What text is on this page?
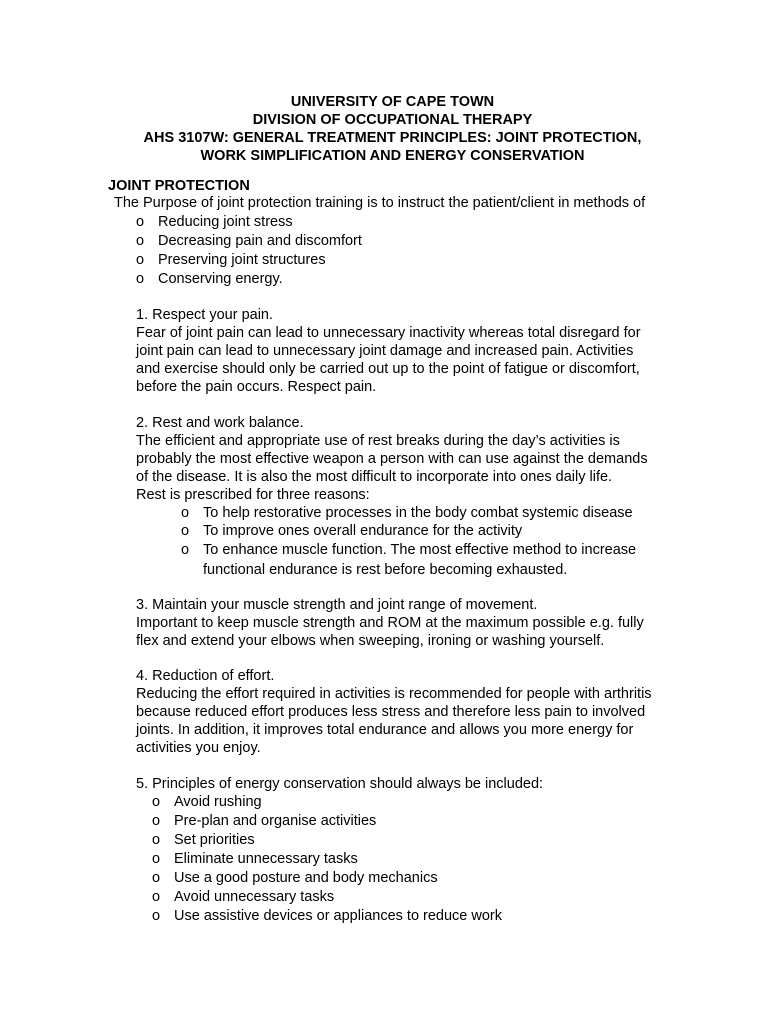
UNIVERSITY OF CAPE TOWN
DIVISION OF OCCUPATIONAL THERAPY
AHS 3107W: GENERAL TREATMENT PRINCIPLES: JOINT PROTECTION,
WORK SIMPLIFICATION AND ENERGY CONSERVATION
JOINT PROTECTION
The Purpose of joint protection training is to instruct the patient/client in methods of
o Reducing joint stress
o Decreasing pain and discomfort
o Preserving joint structures
o Conserving energy.
1. Respect your pain.
Fear of joint pain can lead to unnecessary inactivity whereas total disregard for
joint pain can lead to unnecessary joint damage and increased pain. Activities
and exercise should only be carried out up to the point of fatigue or discomfort,
before the pain occurs. Respect pain.
2. Rest and work balance.
The efficient and appropriate use of rest breaks during the day’s activities is
probably the most effective weapon a person with can use against the demands
of the disease. It is also the most difficult to incorporate into ones daily life.
Rest is prescribed for three reasons:
o To help restorative processes in the body combat systemic disease
o To improve ones overall endurance for the activity
o To enhance muscle function. The most effective method to increase
functional endurance is rest before becoming exhausted.
3. Maintain your muscle strength and joint range of movement.
Important to keep muscle strength and ROM at the maximum possible e.g. fully
flex and extend your elbows when sweeping, ironing or washing yourself.
4. Reduction of effort.
Reducing the effort required in activities is recommended for people with arthritis
because reduced effort produces less stress and therefore less pain to involved
joints. In addition, it improves total endurance and allows you more energy for
activities you enjoy.
5. Principles of energy conservation should always be included:
o Avoid rushing
o Pre-plan and organise activities
o Set priorities
o Eliminate unnecessary tasks
o Use a good posture and body mechanics
o Avoid unnecessary tasks
o Use assistive devices or appliances to reduce work
